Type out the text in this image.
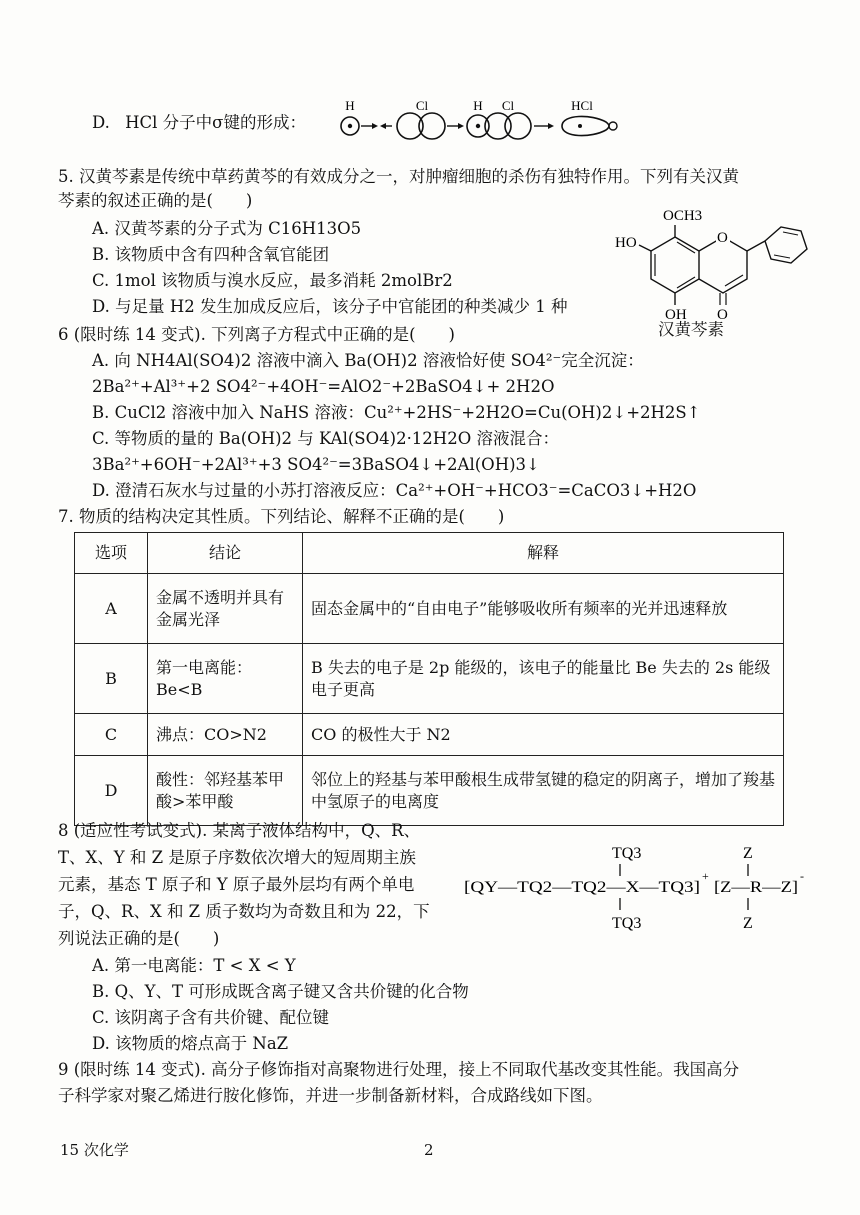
D. HCl 分子中σ键的形成：
H	Cl	H Cl	HCl
5. 汉黄芩素是传统中草药黄芩的有效成分之一，对肿瘤细胞的杀伤有独特作用。下列有关汉黄
芩素的叙述正确的是(　　)
A. 汉黄芩素的分子式为 C16H13O5
B. 该物质中含有四种含氧官能团
C. 1mol 该物质与溴水反应，最多消耗 2molBr2
D. 与足量 H2 发生加成反应后，该分子中官能团的种类减少 1 种
OCH3
HO	O
OH O
汉黄芩素
6 (限时练 14 变式). 下列离子方程式中正确的是(　　)
A. 向 NH4Al(SO4)2 溶液中滴入 Ba(OH)2 溶液恰好使 SO4²⁻完全沉淀：
2Ba²⁺+Al³⁺+2 SO4²⁻+4OH⁻=AlO2⁻+2BaSO4↓+ 2H2O
B. CuCl2 溶液中加入 NaHS 溶液：Cu²⁺+2HS⁻+2H2O=Cu(OH)2↓+2H2S↑
C. 等物质的量的 Ba(OH)2 与 KAl(SO4)2·12H2O 溶液混合：
3Ba²⁺+6OH⁻+2Al³⁺+3 SO4²⁻=3BaSO4↓+2Al(OH)3↓
D. 澄清石灰水与过量的小苏打溶液反应：Ca²⁺+OH⁻+HCO3⁻=CaCO3↓+H2O
7. 物质的结构决定其性质。下列结论、解释不正确的是(　　)
选项	结论	解释
A	金属不透明并具有金属光泽	固态金属中的“自由电子”能够吸收所有频率的光并迅速释放
B	第一电离能：Be<B	B 失去的电子是 2p 能级的，该电子的能量比 Be 失去的 2s 能级电子更高
C	沸点：CO>N2	CO 的极性大于 N2
D	酸性：邻羟基苯甲酸>苯甲酸	邻位上的羟基与苯甲酸根生成带氢键的稳定的阴离子，增加了羧基中氢原子的电离度
8 (适应性考试变式). 某离子液体结构中，Q、R、
T、X、Y 和 Z 是原子序数依次增大的短周期主族
元素，基态 T 原子和 Y 原子最外层均有两个单电
子，Q、R、X 和 Z 质子数均为奇数且和为 22，下
列说法正确的是(　　)
A. 第一电离能：T < X < Y
B. Q、Y、T 可形成既含离子键又含共价键的化合物
C. 该阴离子含有共价键、配位键
D. 该物质的熔点高于 NaZ
TQ3
[QY—TQ2—TQ2—X—TQ3]
+
TQ3
Z
[Z—R—Z]
-
Z
9 (限时练 14 变式). 高分子修饰指对高聚物进行处理，接上不同取代基改变其性能。我国高分
子科学家对聚乙烯进行胺化修饰，并进一步制备新材料，合成路线如下图。
15 次化学	2
